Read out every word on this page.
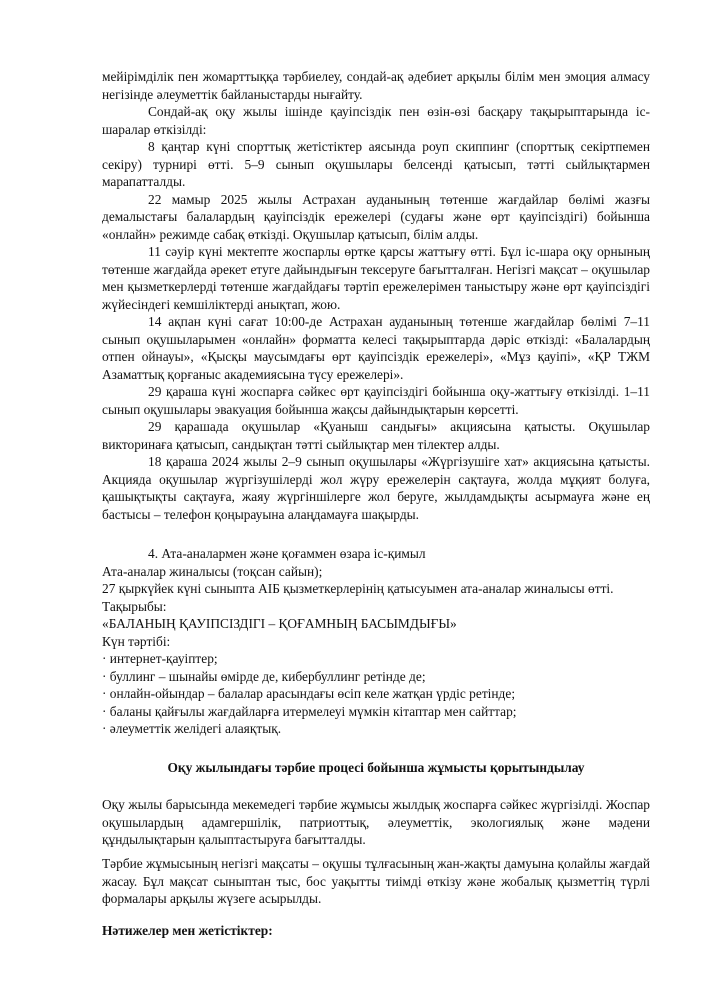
мейірімділік пен жомарттыққа тәрбиелеу, сондай-ақ әдебиет арқылы білім мен эмоция алмасу негізінде әлеуметтік байланыстарды нығайту.

Сондай-ақ оқу жылы ішінде қауіпсіздік пен өзін-өзі басқару тақырыптарында іс-шаралар өткізілді:

8 қаңтар күні спорттық жетістіктер аясында роуп скиппинг (спорттық секіртпемен секіру) турнирі өтті. 5–9 сынып оқушылары белсенді қатысып, тәтті сыйлықтармен марапатталды.

22 мамыр 2025 жылы Астрахан ауданының төтенше жағдайлар бөлімі жазғы демалыстағы балалардың қауіпсіздік ережелері (судағы және өрт қауіпсіздігі) бойынша «онлайн» режимде сабақ өткізді. Оқушылар қатысып, білім алды.

11 сәуір күні мектепте жоспарлы өртке қарсы жаттығу өтті. Бұл іс-шара оқу орнының төтенше жағдайда әрекет етуге дайындығын тексеруге бағытталған. Негізгі мақсат – оқушылар мен қызметкерлерді төтенше жағдайдағы тәртіп ережелерімен таныстыру және өрт қауіпсіздігі жүйесіндегі кемшіліктерді анықтап, жою.

14 ақпан күні сағат 10:00-де Астрахан ауданының төтенше жағдайлар бөлімі 7–11 сынып оқушыларымен «онлайн» форматта келесі тақырыптарда дәріс өткізді: «Балалардың отпен ойнауы», «Қысқы маусымдағы өрт қауіпсіздік ережелері», «Мұз қауіпі», «ҚР ТЖМ Азаматтық қорғаныс академиясына түсу ережелері».

29 қараша күні жоспарға сәйкес өрт қауіпсіздігі бойынша оқу-жаттығу өткізілді. 1–11 сынып оқушылары эвакуация бойынша жақсы дайындықтарын көрсетті.

29 қарашада оқушылар «Қуаныш сандығы» акциясына қатысты. Оқушылар викторинаға қатысып, сандықтан тәтті сыйлықтар мен тілектер алды.

18 қараша 2024 жылы 2–9 сынып оқушылары «Жүргізушіге хат» акциясына қатысты. Акцияда оқушылар жүргізушілерді жол жүру ережелерін сақтауға, жолда мұқият болуға, қашықтықты сақтауға, жаяу жүргіншілерге жол беруге, жылдамдықты асырмауға және ең бастысы – телефон қоңырауына алаңдамауға шақырды.

4. Ата-аналармен және қоғаммен өзара іс-қимыл
Ата-аналар жиналысы (тоқсан сайын);
27 қыркүйек күні сыныпта АІБ қызметкерлерінің қатысуымен ата-аналар жиналысы өтті.
Тақырыбы:
«БАЛАНЫҢ ҚАУІПСІЗДІГІ – ҚОҒАМНЫҢ БАСЫМДЫҒЫ»
Күн тәртібі:
· интернет-қауіптер;
· буллинг – шынайы өмірде де, кибербуллинг ретінде де;
· онлайн-ойындар – балалар арасындағы өсіп келе жатқан үрдіс ретінде;
· баланы қайғылы жағдайларға итермелеуі мүмкін кітаптар мен сайттар;
· әлеуметтік желідегі алаяқтық.

Оқу жылындағы тәрбие процесі бойынша жұмысты қорытындылау

Оқу жылы барысында мекемедегі тәрбие жұмысы жылдық жоспарға сәйкес жүргізілді. Жоспар оқушылардың адамгершілік, патриоттық, әлеуметтік, экологиялық және мәдени құндылықтарын қалыптастыруға бағытталды.

Тәрбие жұмысының негізгі мақсаты – оқушы тұлғасының жан-жақты дамуына қолайлы жағдай жасау. Бұл мақсат сыныптан тыс, бос уақытты тиімді өткізу және жобалық қызметтің түрлі формалары арқылы жүзеге асырылды.

Нәтижелер мен жетістіктер:
